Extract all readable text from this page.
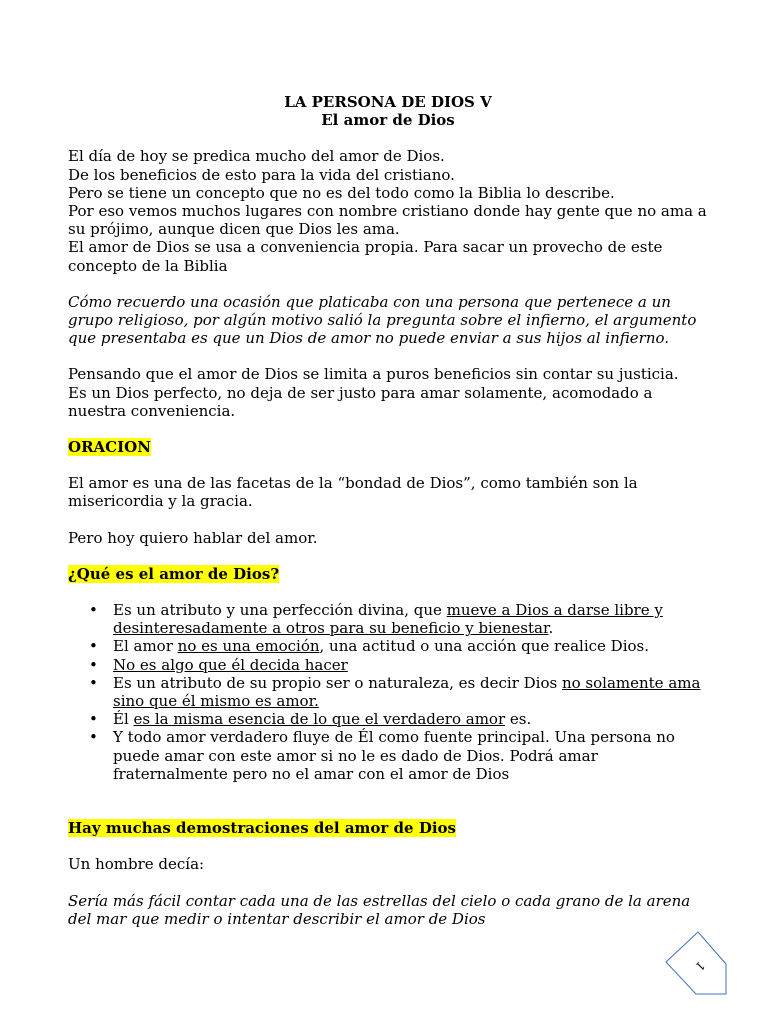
LA PERSONA DE DIOS V
El amor de Dios

El día de hoy se predica mucho del amor de Dios.
De los beneficios de esto para la vida del cristiano.
Pero se tiene un concepto que no es del todo como la Biblia lo describe.
Por eso vemos muchos lugares con nombre cristiano donde hay gente que no ama a su prójimo, aunque dicen que Dios les ama.
El amor de Dios se usa a conveniencia propia. Para sacar un provecho de este concepto de la Biblia

Cómo recuerdo una ocasión que platicaba con una persona que pertenece a un grupo religioso, por algún motivo salió la pregunta sobre el infierno, el argumento que presentaba es que un Dios de amor no puede enviar a sus hijos al infierno.

Pensando que el amor de Dios se limita a puros beneficios sin contar su justicia.
Es un Dios perfecto, no deja de ser justo para amar solamente, acomodado a nuestra conveniencia.

ORACION

El amor es una de las facetas de la “bondad de Dios”, como también son la misericordia y la gracia.

Pero hoy quiero hablar del amor.

¿Qué es el amor de Dios?

• Es un atributo y una perfección divina, que mueve a Dios a darse libre y desinteresadamente a otros para su beneficio y bienestar.
• El amor no es una emoción, una actitud o una acción que realice Dios.
• No es algo que él decida hacer
• Es un atributo de su propio ser o naturaleza, es decir Dios no solamente ama sino que él mismo es amor.
• Él es la misma esencia de lo que el verdadero amor es.
• Y todo amor verdadero fluye de Él como fuente principal. Una persona no puede amar con este amor si no le es dado de Dios. Podrá amar fraternalmente pero no el amar con el amor de Dios

Hay muchas demostraciones del amor de Dios

Un hombre decía:

Sería más fácil contar cada una de las estrellas del cielo o cada grano de la arena del mar que medir o intentar describir el amor de Dios

1
